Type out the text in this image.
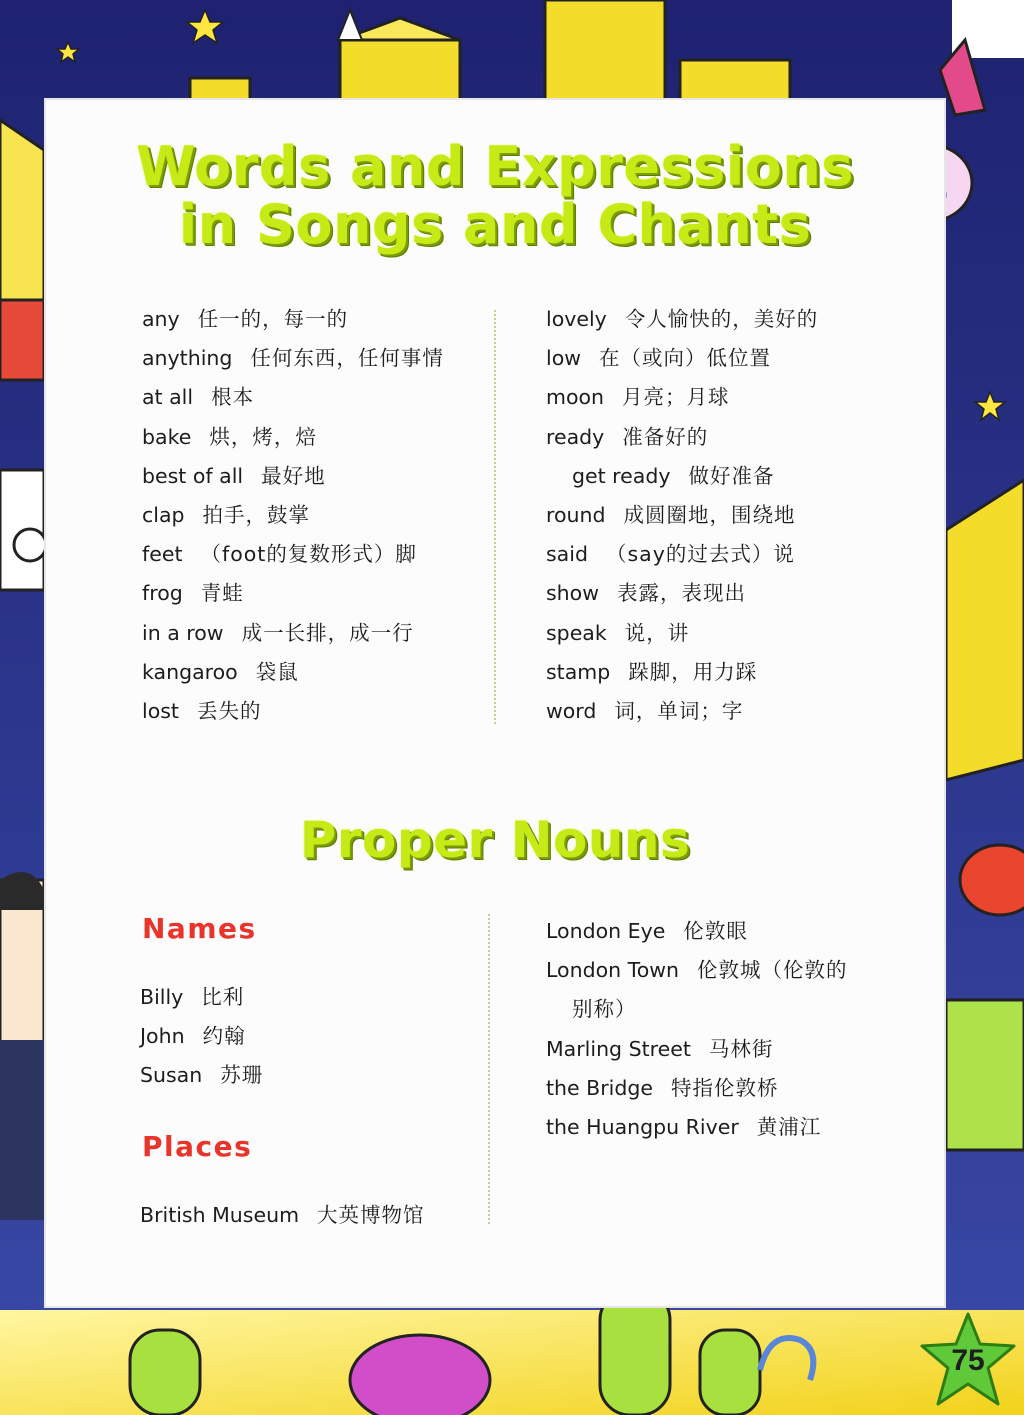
Words and Expressions
in Songs and Chants
any 任一的，每一的
anything 任何东西，任何事情
at all 根本
bake 烘，烤，焙
best of all 最好地
clap 拍手，鼓掌
feet （foot的复数形式）脚
frog 青蛙
in a row 成一长排，成一行
kangaroo 袋鼠
lost 丢失的
lovely 令人愉快的，美好的
low 在（或向）低位置
moon 月亮；月球
ready 准备好的
get ready 做好准备
round 成圆圈地，围绕地
said （say的过去式）说
show 表露，表现出
speak 说，讲
stamp 跺脚，用力踩
word 词，单词；字
Proper Nouns
Names
Billy 比利
John 约翰
Susan 苏珊
Places
British Museum 大英博物馆
London Eye 伦敦眼
London Town 伦敦城（伦敦的
别称）
Marling Street 马林街
the Bridge 特指伦敦桥
the Huangpu River 黄浦江
75
